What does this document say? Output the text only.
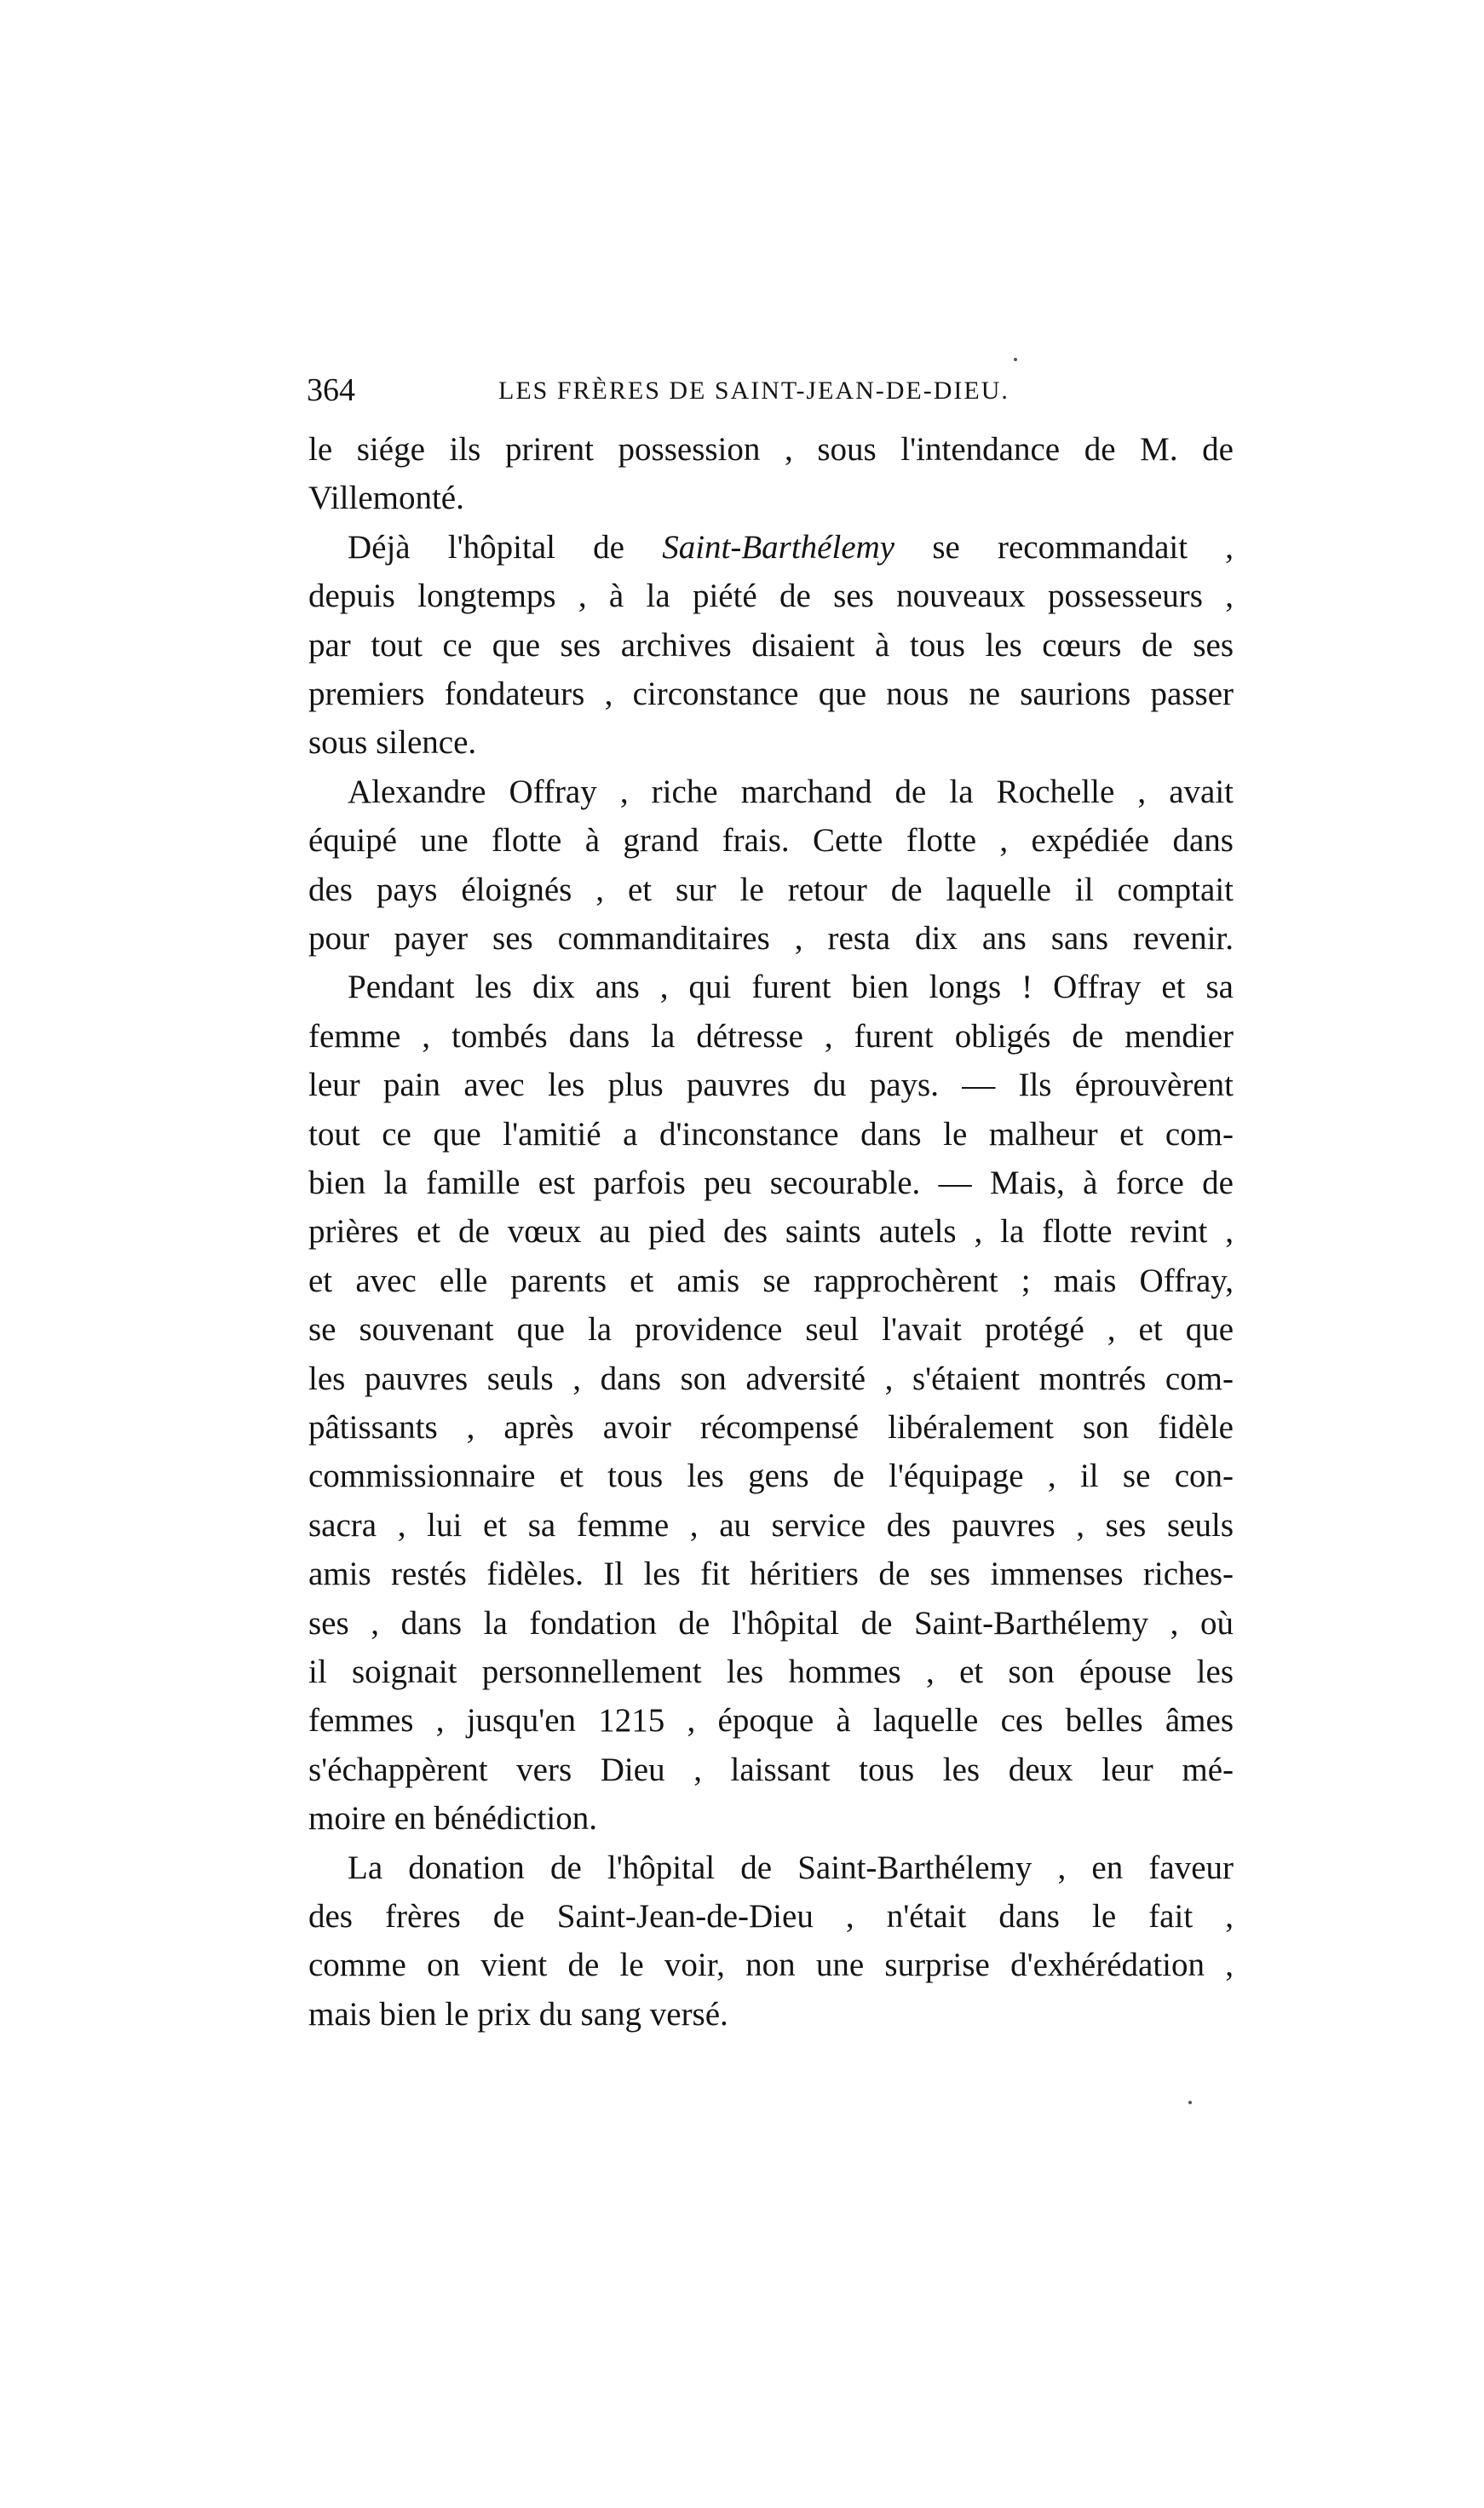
364	LES FRÈRES DE SAINT-JEAN-DE-DIEU.
le siége ils prirent possession , sous l'intendance de M. de
Villemonté.
Déjà l'hôpital de Saint-Barthélemy se recommandait ,
depuis longtemps , à la piété de ses nouveaux possesseurs ,
par tout ce que ses archives disaient à tous les cœurs de ses
premiers fondateurs , circonstance que nous ne saurions passer
sous silence.
Alexandre Offray , riche marchand de la Rochelle , avait
équipé une flotte à grand frais. Cette flotte , expédiée dans
des pays éloignés , et sur le retour de laquelle il comptait
pour payer ses commanditaires , resta dix ans sans revenir.
Pendant les dix ans , qui furent bien longs ! Offray et sa
femme , tombés dans la détresse , furent obligés de mendier
leur pain avec les plus pauvres du pays. — Ils éprouvèrent
tout ce que l'amitié a d'inconstance dans le malheur et com-
bien la famille est parfois peu secourable. — Mais, à force de
prières et de vœux au pied des saints autels , la flotte revint ,
et avec elle parents et amis se rapprochèrent ; mais Offray,
se souvenant que la providence seul l'avait protégé , et que
les pauvres seuls , dans son adversité , s'étaient montrés com-
pâtissants , après avoir récompensé libéralement son fidèle
commissionnaire et tous les gens de l'équipage , il se con-
sacra , lui et sa femme , au service des pauvres , ses seuls
amis restés fidèles. Il les fit héritiers de ses immenses riches-
ses , dans la fondation de l'hôpital de Saint-Barthélemy , où
il soignait personnellement les hommes , et son épouse les
femmes , jusqu'en 1215 , époque à laquelle ces belles âmes
s'échappèrent vers Dieu , laissant tous les deux leur mé-
moire en bénédiction.
La donation de l'hôpital de Saint-Barthélemy , en faveur
des frères de Saint-Jean-de-Dieu , n'était dans le fait ,
comme on vient de le voir, non une surprise d'exhérédation ,
mais bien le prix du sang versé.
